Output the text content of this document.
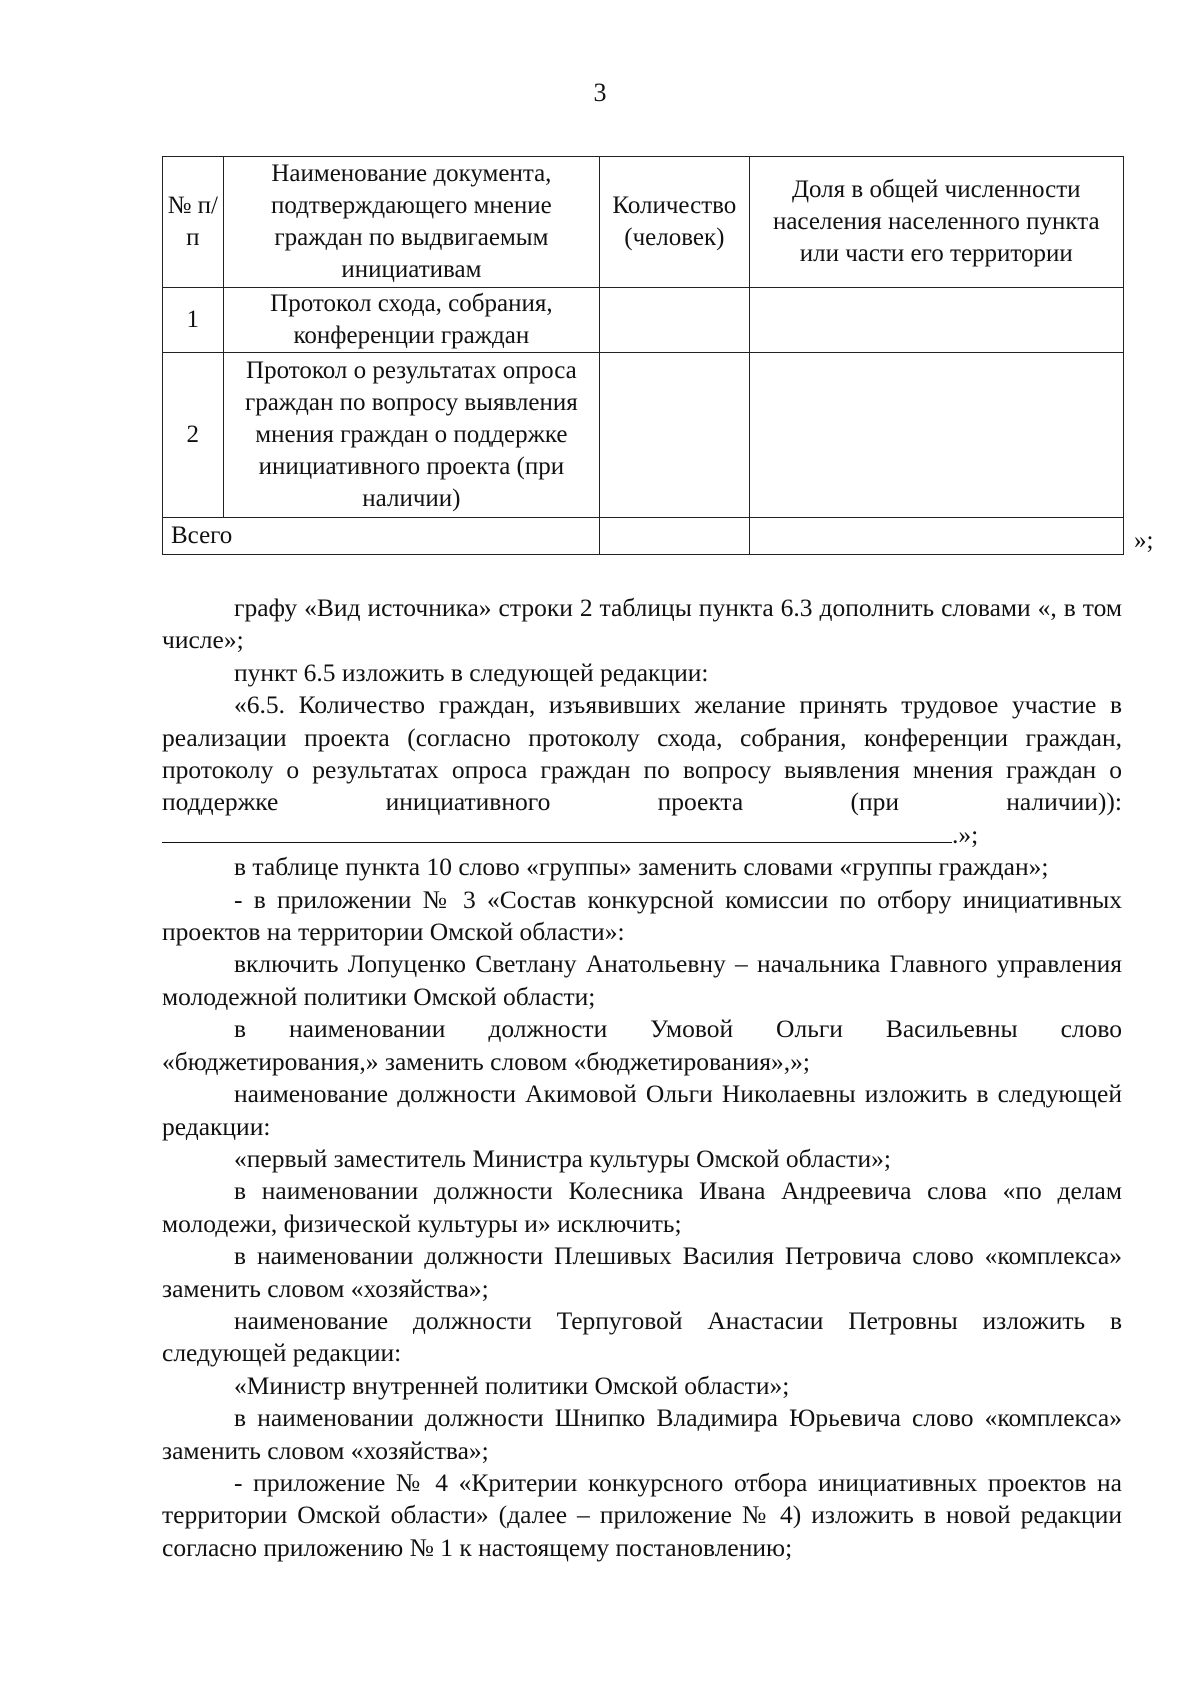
3
№ п/п	Наименование документа, подтверждающего мнение граждан по выдвигаемым инициативам	Количество (человек)	Доля в общей численности населения населенного пункта или части его территории
1	Протокол схода, собрания, конференции граждан		
2	Протокол о результатах опроса граждан по вопросу выявления мнения граждан о поддержке инициативного проекта (при наличии)		
Всего				»;

графу «Вид источника» строки 2 таблицы пункта 6.3 дополнить словами «, в том числе»;

пункт 6.5 изложить в следующей редакции:

«6.5. Количество граждан, изъявивших желание принять трудовое участие в реализации проекта (согласно протоколу схода, собрания, конференции граждан, протоколу о результатах опроса граждан по вопросу выявления мнения граждан о поддержке инициативного проекта (при наличии)): .»;

в таблице пункта 10 слово «группы» заменить словами «группы граждан»;

- в приложении № 3 «Состав конкурсной комиссии по отбору инициативных проектов на территории Омской области»:

включить Лопуценко Светлану Анатольевну – начальника Главного управления молодежной политики Омской области;

в наименовании должности Умовой Ольги Васильевны слово «бюджетирования,» заменить словом «бюджетирования»,»;

наименование должности Акимовой Ольги Николаевны изложить в следующей редакции:

«первый заместитель Министра культуры Омской области»;

в наименовании должности Колесника Ивана Андреевича слова «по делам молодежи, физической культуры и» исключить;

в наименовании должности Плешивых Василия Петровича слово «комплекса» заменить словом «хозяйства»;

наименование должности Терпуговой Анастасии Петровны изложить в следующей редакции:

«Министр внутренней политики Омской области»;

в наименовании должности Шнипко Владимира Юрьевича слово «комплекса» заменить словом «хозяйства»;

- приложение № 4 «Критерии конкурсного отбора инициативных проектов на территории Омской области» (далее – приложение № 4) изложить в новой редакции согласно приложению № 1 к настоящему постановлению;
